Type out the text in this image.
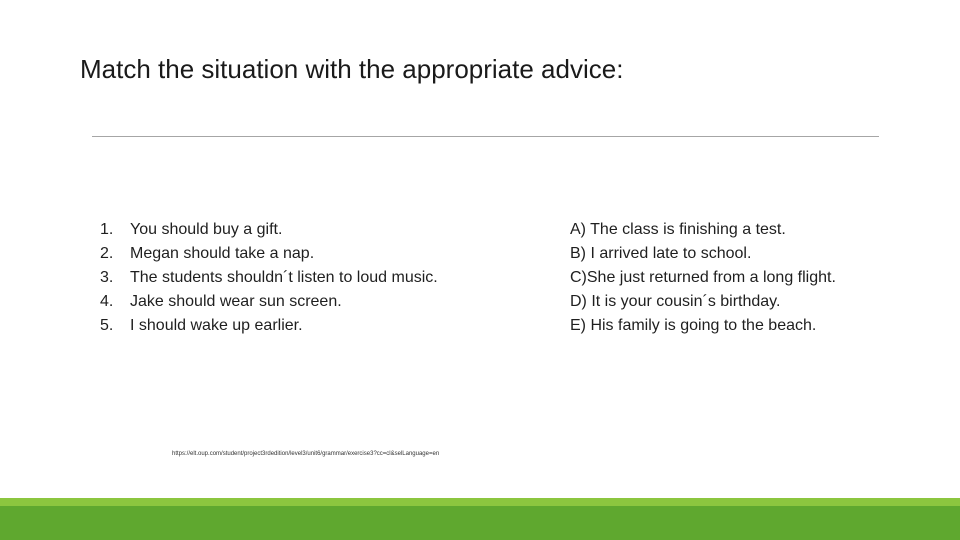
Match the situation with the appropriate advice:
1.	You should buy a gift.
2.	Megan should take a nap.
3.	The students shouldn´t listen to loud music.
4.	Jake should wear sun screen.
5.	I should wake up earlier.
A) The class is finishing a test.
B) I arrived late to school.
C)She just returned from a long flight.
D) It is your cousin´s birthday.
E) His family is going to the beach.
https://elt.oup.com/student/project3rdedition/level3/unit6/grammar/exercise3?cc=cl&selLanguage=en
